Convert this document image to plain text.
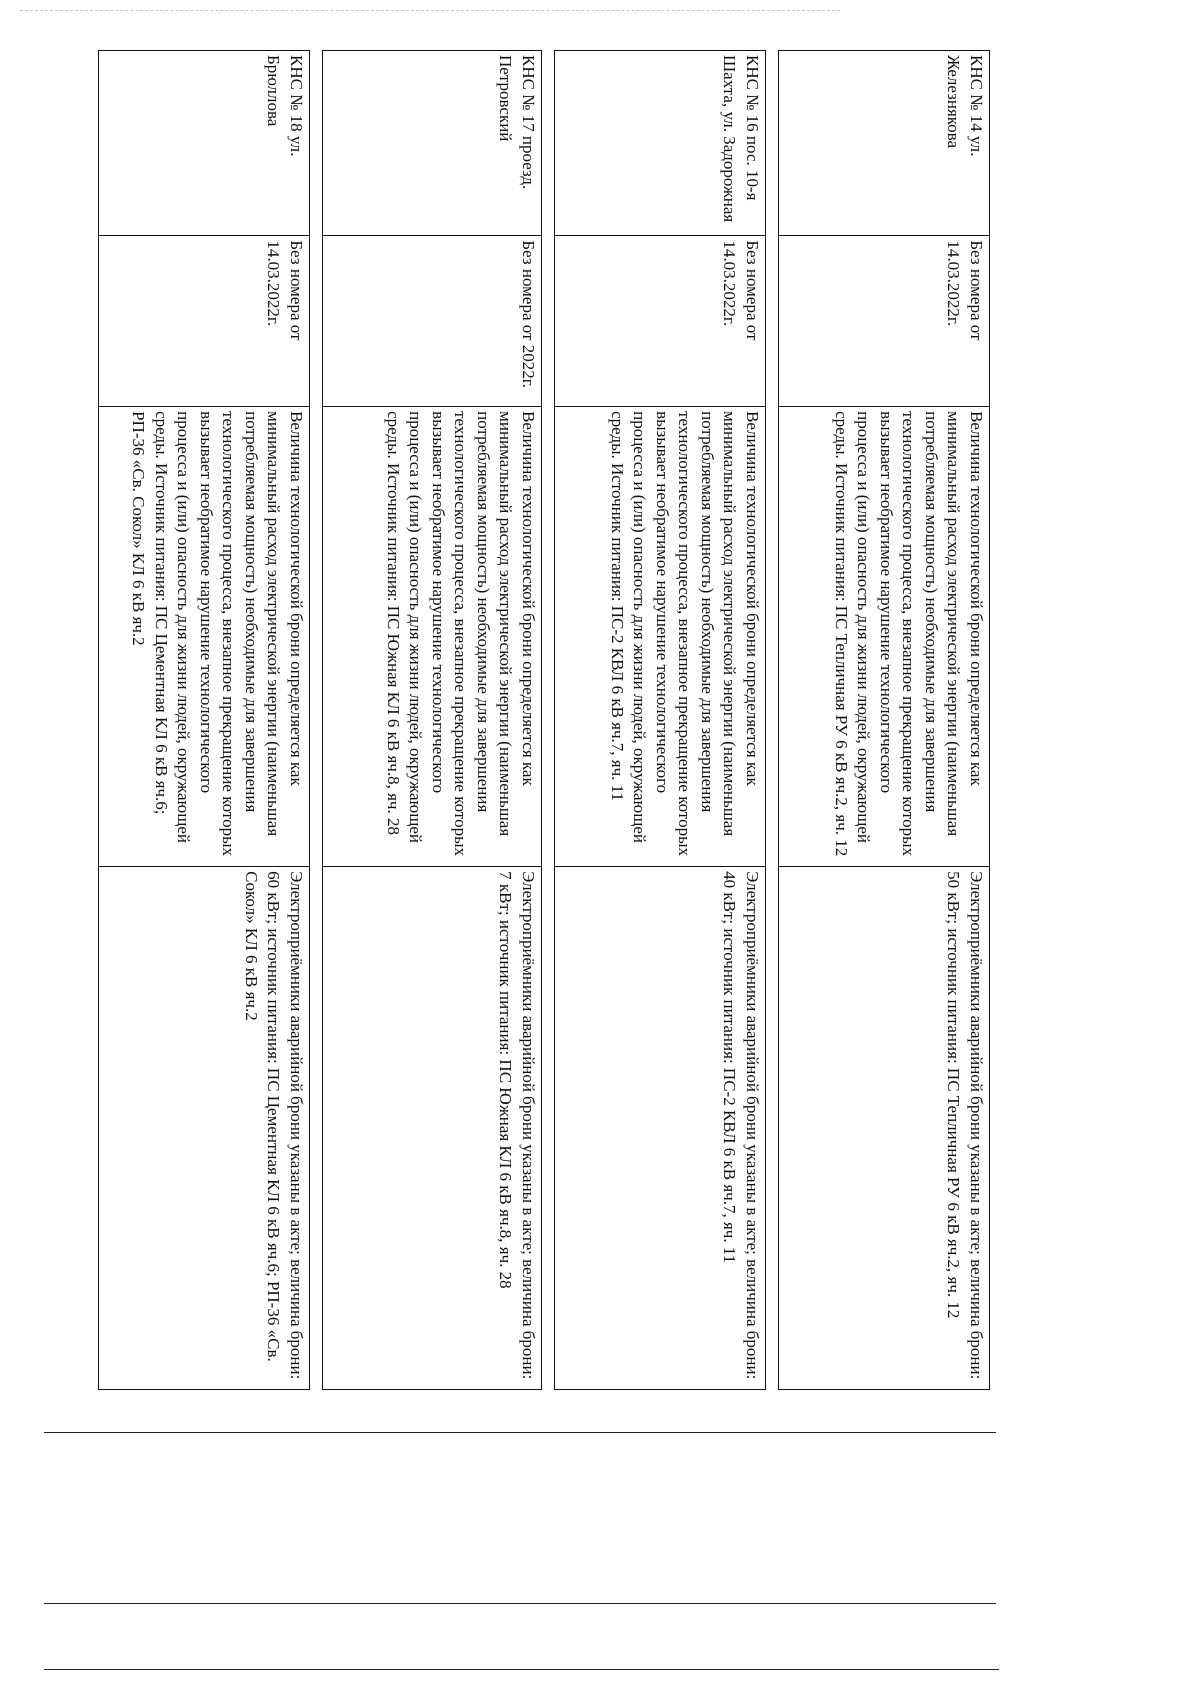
КНС № 14 ул. Железнякова	Без номера от 14.03.2022г.	Величина технологической брони определяется как минимальный расход электрической энергии (наименьшая потребляемая мощность) необходимые для завершения технологического процесса, внезапное прекращение которых вызывает необратимое нарушение технологического процесса и (или) опасность для жизни людей, окружающей среды. Источник питания: ПС Тепличная РУ 6 кВ яч.2, яч. 12	Электроприёмники аварийной брони указаны в акте; величина брони: 50 кВт; источник питания: ПС Тепличная РУ 6 кВ яч.2, яч. 12

КНС № 16 пос. 10-я Шахта, ул. Задорожная	Без номера от 14.03.2022г.	Величина технологической брони определяется как минимальный расход электрической энергии (наименьшая потребляемая мощность) необходимые для завершения технологического процесса, внезапное прекращение которых вызывает необратимое нарушение технологического процесса и (или) опасность для жизни людей, окружающей среды. Источник питания: ПС-2 КВЛ 6 кВ яч.7, яч. 11	Электроприёмники аварийной брони указаны в акте; величина брони: 40 кВт; источник питания: ПС-2 КВЛ 6 кВ яч.7, яч. 11

КНС № 17 проезд. Петровский	Без номера от 2022г.	Величина технологической брони определяется как минимальный расход электрической энергии (наименьшая потребляемая мощность) необходимые для завершения технологического процесса, внезапное прекращение которых вызывает необратимое нарушение технологического процесса и (или) опасность для жизни людей, окружающей среды. Источник питания: ПС Южная КЛ 6 кВ яч.8, яч. 28	Электроприёмники аварийной брони указаны в акте; величина брони: 7 кВт; источник питания: ПС Южная КЛ 6 кВ яч.8, яч. 28

КНС № 18 ул. Брюллова	Без номера от 14.03.2022г.	Величина технологической брони определяется как минимальный расход электрической энергии (наименьшая потребляемая мощность) необходимые для завершения технологического процесса, внезапное прекращение которых вызывает необратимое нарушение технологического процесса и (или) опасность для жизни людей, окружающей среды. Источник питания: ПС Цементная КЛ 6 кВ яч.6; РП-36 «Св. Сокол» КЛ 6 кВ яч.2	Электроприёмники аварийной брони указаны в акте; величина брони: 60 кВт; источник питания: ПС Цементная КЛ 6 кВ яч.6; РП-36 «Св. Сокол» КЛ 6 кВ яч.2
